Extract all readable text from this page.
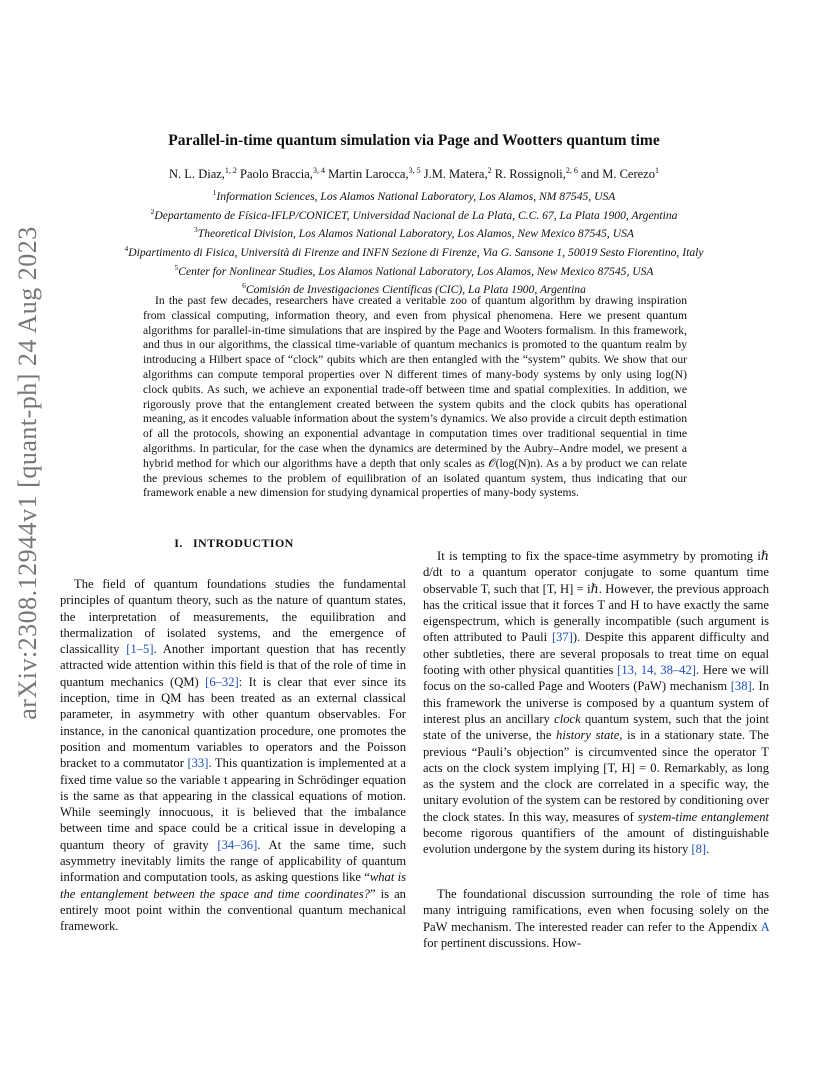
arXiv:2308.12944v1 [quant-ph] 24 Aug 2023
Parallel-in-time quantum simulation via Page and Wootters quantum time
N. L. Diaz,$^{1, 2}$ Paolo Braccia,$^{3, 4}$ Martin Larocca,$^{3, 5}$ J.M. Matera,$^2$ R. Rossignoli,$^{2, 6}$ and M. Cerezo$^1$
$^1$Information Sciences, Los Alamos National Laboratory, Los Alamos, NM 87545, USA
$^2$Departamento de Física-IFLP/CONICET, Universidad Nacional de La Plata, C.C. 67, La Plata 1900, Argentina
$^3$Theoretical Division, Los Alamos National Laboratory, Los Alamos, New Mexico 87545, USA
$^4$Dipartimento di Fisica, Università di Firenze and INFN Sezione di Firenze, Via G. Sansone 1, 50019 Sesto Fiorentino, Italy
$^5$Center for Nonlinear Studies, Los Alamos National Laboratory, Los Alamos, New Mexico 87545, USA
$^6$Comisión de Investigaciones Científicas (CIC), La Plata 1900, Argentina

In the past few decades, researchers have created a veritable zoo of quantum algorithm by drawing inspiration from classical computing, information theory, and even from physical phenomena. Here we present quantum algorithms for parallel-in-time simulations that are inspired by the Page and Wooters formalism. In this framework, and thus in our algorithms, the classical time-variable of quantum mechanics is promoted to the quantum realm by introducing a Hilbert space of “clock” qubits which are then entangled with the “system” qubits. We show that our algorithms can compute temporal properties over N different times of many-body systems by only using log(N) clock qubits. As such, we achieve an exponential trade-off between time and spatial complexities. In addition, we rigorously prove that the entanglement created between the system qubits and the clock qubits has operational meaning, as it encodes valuable information about the system’s dynamics. We also provide a circuit depth estimation of all the protocols, showing an exponential advantage in computation times over traditional sequential in time algorithms. In particular, for the case when the dynamics are determined by the Aubry–Andre model, we present a hybrid method for which our algorithms have a depth that only scales as 𝒪(log(N)n). As a by product we can relate the previous schemes to the problem of equilibration of an isolated quantum system, thus indicating that our framework enable a new dimension for studying dynamical properties of many-body systems.

I. INTRODUCTION

The field of quantum foundations studies the fundamental principles of quantum theory, such as the nature of quantum states, the interpretation of measurements, the equilibration and thermalization of isolated systems, and the emergence of classicallity [1–5]. Another important question that has recently attracted wide attention within this field is that of the role of time in quantum mechanics (QM) [6–32]: It is clear that ever since its inception, time in QM has been treated as an external classical parameter, in asymmetry with other quantum observables. For instance, in the canonical quantization procedure, one promotes the position and momentum variables to operators and the Poisson bracket to a commutator [33]. This quantization is implemented at a fixed time value so the variable t appearing in Schrödinger equation is the same as that appearing in the classical equations of motion. While seemingly innocuous, it is believed that the imbalance between time and space could be a critical issue in developing a quantum theory of gravity [34–36]. At the same time, such asymmetry inevitably limits the range of applicability of quantum information and computation tools, as asking questions like “what is the entanglement between the space and time coordinates?” is an entirely moot point within the conventional quantum mechanical framework.

It is tempting to fix the space-time asymmetry by promoting iℏ d/dt to a quantum operator conjugate to some quantum time observable T, such that [T, H] = iℏ. However, the previous approach has the critical issue that it forces T and H to have exactly the same eigenspectrum, which is generally incompatible (such argument is often attributed to Pauli [37]). Despite this apparent difficulty and other subtleties, there are several proposals to treat time on equal footing with other physical quantities [13, 14, 38–42]. Here we will focus on the so-called Page and Wooters (PaW) mechanism [38]. In this framework the universe is composed by a quantum system of interest plus an ancillary clock quantum system, such that the joint state of the universe, the history state, is in a stationary state. The previous “Pauli’s objection” is circumvented since the operator T acts on the clock system implying [T, H] = 0. Remarkably, as long as the system and the clock are correlated in a specific way, the unitary evolution of the system can be restored by conditioning over the clock states. In this way, measures of system-time entanglement become rigorous quantifiers of the amount of distinguishable evolution undergone by the system during its history [8].

The foundational discussion surrounding the role of time has many intriguing ramifications, even when focusing solely on the PaW mechanism. The interested reader can refer to the Appendix A for pertinent discussions. How-
